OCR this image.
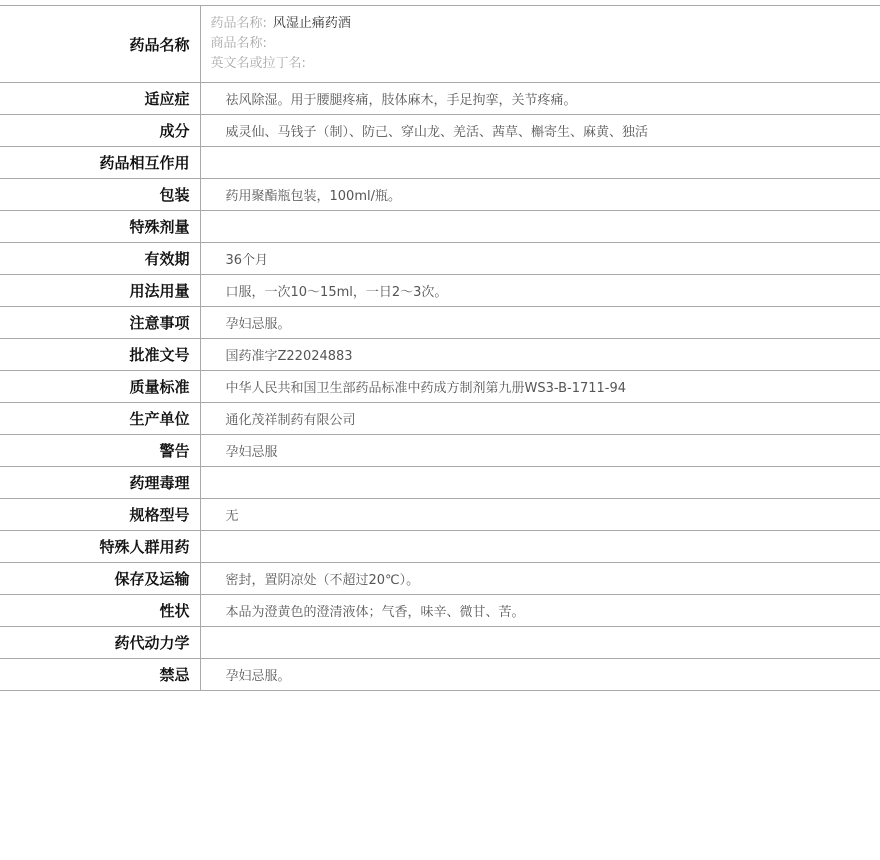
药品名称	药品名称: 风湿止痛药酒
商品名称:
英文名或拉丁名:

适应症	祛风除湿。用于腰腿疼痛，肢体麻木，手足拘挛，关节疼痛。
成分	威灵仙、马钱子（制）、防己、穿山龙、羌活、茜草、槲寄生、麻黄、独活
药品相互作用	
包装	药用聚酯瓶包装，100ml/瓶。
特殊剂量	
有效期	36个月
用法用量	口服，一次10～15ml，一日2～3次。
注意事项	孕妇忌服。
批准文号	国药准字Z22024883
质量标准	中华人民共和国卫生部药品标准中药成方制剂第九册WS3-B-1711-94
生产单位	通化茂祥制药有限公司
警告	孕妇忌服
药理毒理	
规格型号	无
特殊人群用药	
保存及运输	密封，置阴凉处（不超过20℃）。
性状	本品为澄黄色的澄清液体；气香，味辛、微甘、苦。
药代动力学	
禁忌	孕妇忌服。
